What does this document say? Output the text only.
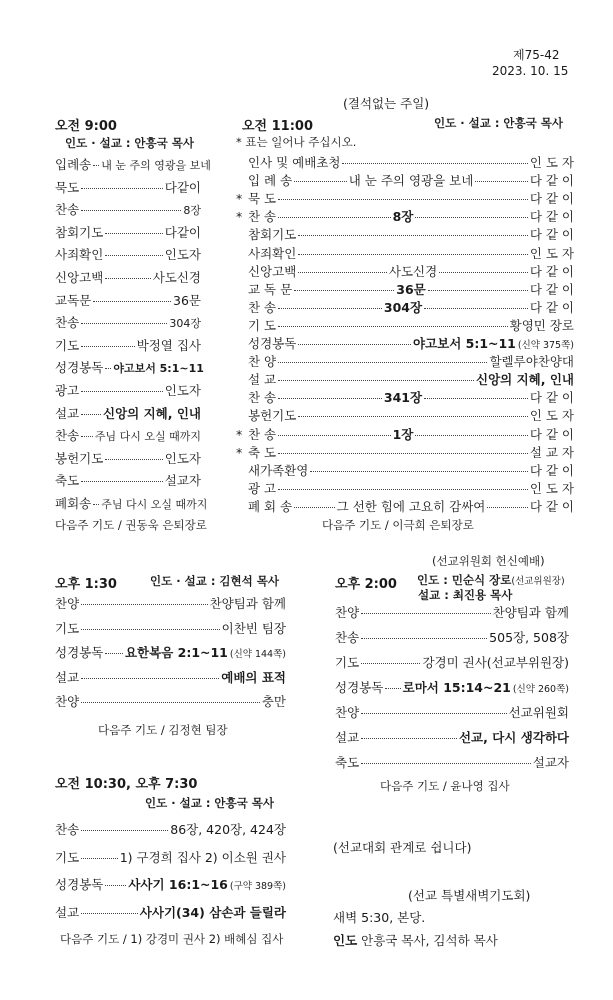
제75-42
2023. 10. 15
(결석없는 주일)
오전 9:00
인도 · 설교 : 안흥국 목사
입례송 내 눈 주의 영광을 보네
묵도	다같이
찬송	8장
참회기도	다같이
사죄확인	인도자
신앙고백	사도신경
교독문	36문
찬송	304장
기도	박정열 집사
성경봉독 야고보서 5:1~11
광고	인도자
설교 신앙의 지혜, 인내
찬송 주님 다시 오실 때까지
봉헌기도	인도자
축도	설교자
폐회송 주님 다시 오실 때까지
다음주 기도 / 권동욱 은퇴장로
오전 11:00	인도 · 설교 : 안흥국 목사
* 표는 일어나 주십시오.
인사 및 예배초청	인 도 자
입 례 송	내 눈 주의 영광을 보네	다 같 이
* 묵 도	다 같 이
* 찬 송	8장	다 같 이
참회기도	다 같 이
사죄확인	인 도 자
신앙고백	사도신경	다 같 이
교 독 문	36문	다 같 이
찬 송	304장	다 같 이
기 도	황영민 장로
성경봉독	야고보서 5:1~11 (신약 375쪽)
찬 양	할렐루야찬양대
설 교	신앙의 지혜, 인내
찬 송	341장	다 같 이
봉헌기도	인 도 자
* 찬 송	1장	다 같 이
* 축 도	설 교 자
새가족환영	다 같 이
광 고	인 도 자
폐 회 송	그 선한 힘에 고요히 감싸여	다 같 이
다음주 기도 / 이극희 은퇴장로
오후 1:30	인도 · 설교 : 김현석 목사
찬양	찬양팀과 함께
기도	이찬빈 팀장
성경봉독 요한복음 2:1~11 (신약 144쪽)
설교	예배의 표적
찬양	충만
다음주 기도 / 김정현 팀장
(선교위원회 헌신예배)
오후 2:00 인도 : 민순식 장로(선교위원장)
설교 : 최진용 목사
찬양	찬양팀과 함께
찬송	505장, 508장
기도	강경미 권사(선교부위원장)
성경봉독 로마서 15:14~21 (신약 260쪽)
찬양	선교위원회
설교	선교, 다시 생각하다
축도	설교자
다음주 기도 / 윤나영 집사
오전 10:30, 오후 7:30
인도 · 설교 : 안흥국 목사
찬송	86장, 420장, 424장
기도	1) 구경희 집사 2) 이소원 권사
성경봉독 사사기 16:1~16 (구약 389쪽)
설교	사사기(34) 삼손과 들릴라
다음주 기도 / 1) 강경미 권사 2) 배혜심 집사
(선교대회 관계로 쉽니다)
(선교 특별새벽기도회)
새벽 5:30, 본당.
인도 안흥국 목사, 김석하 목사
